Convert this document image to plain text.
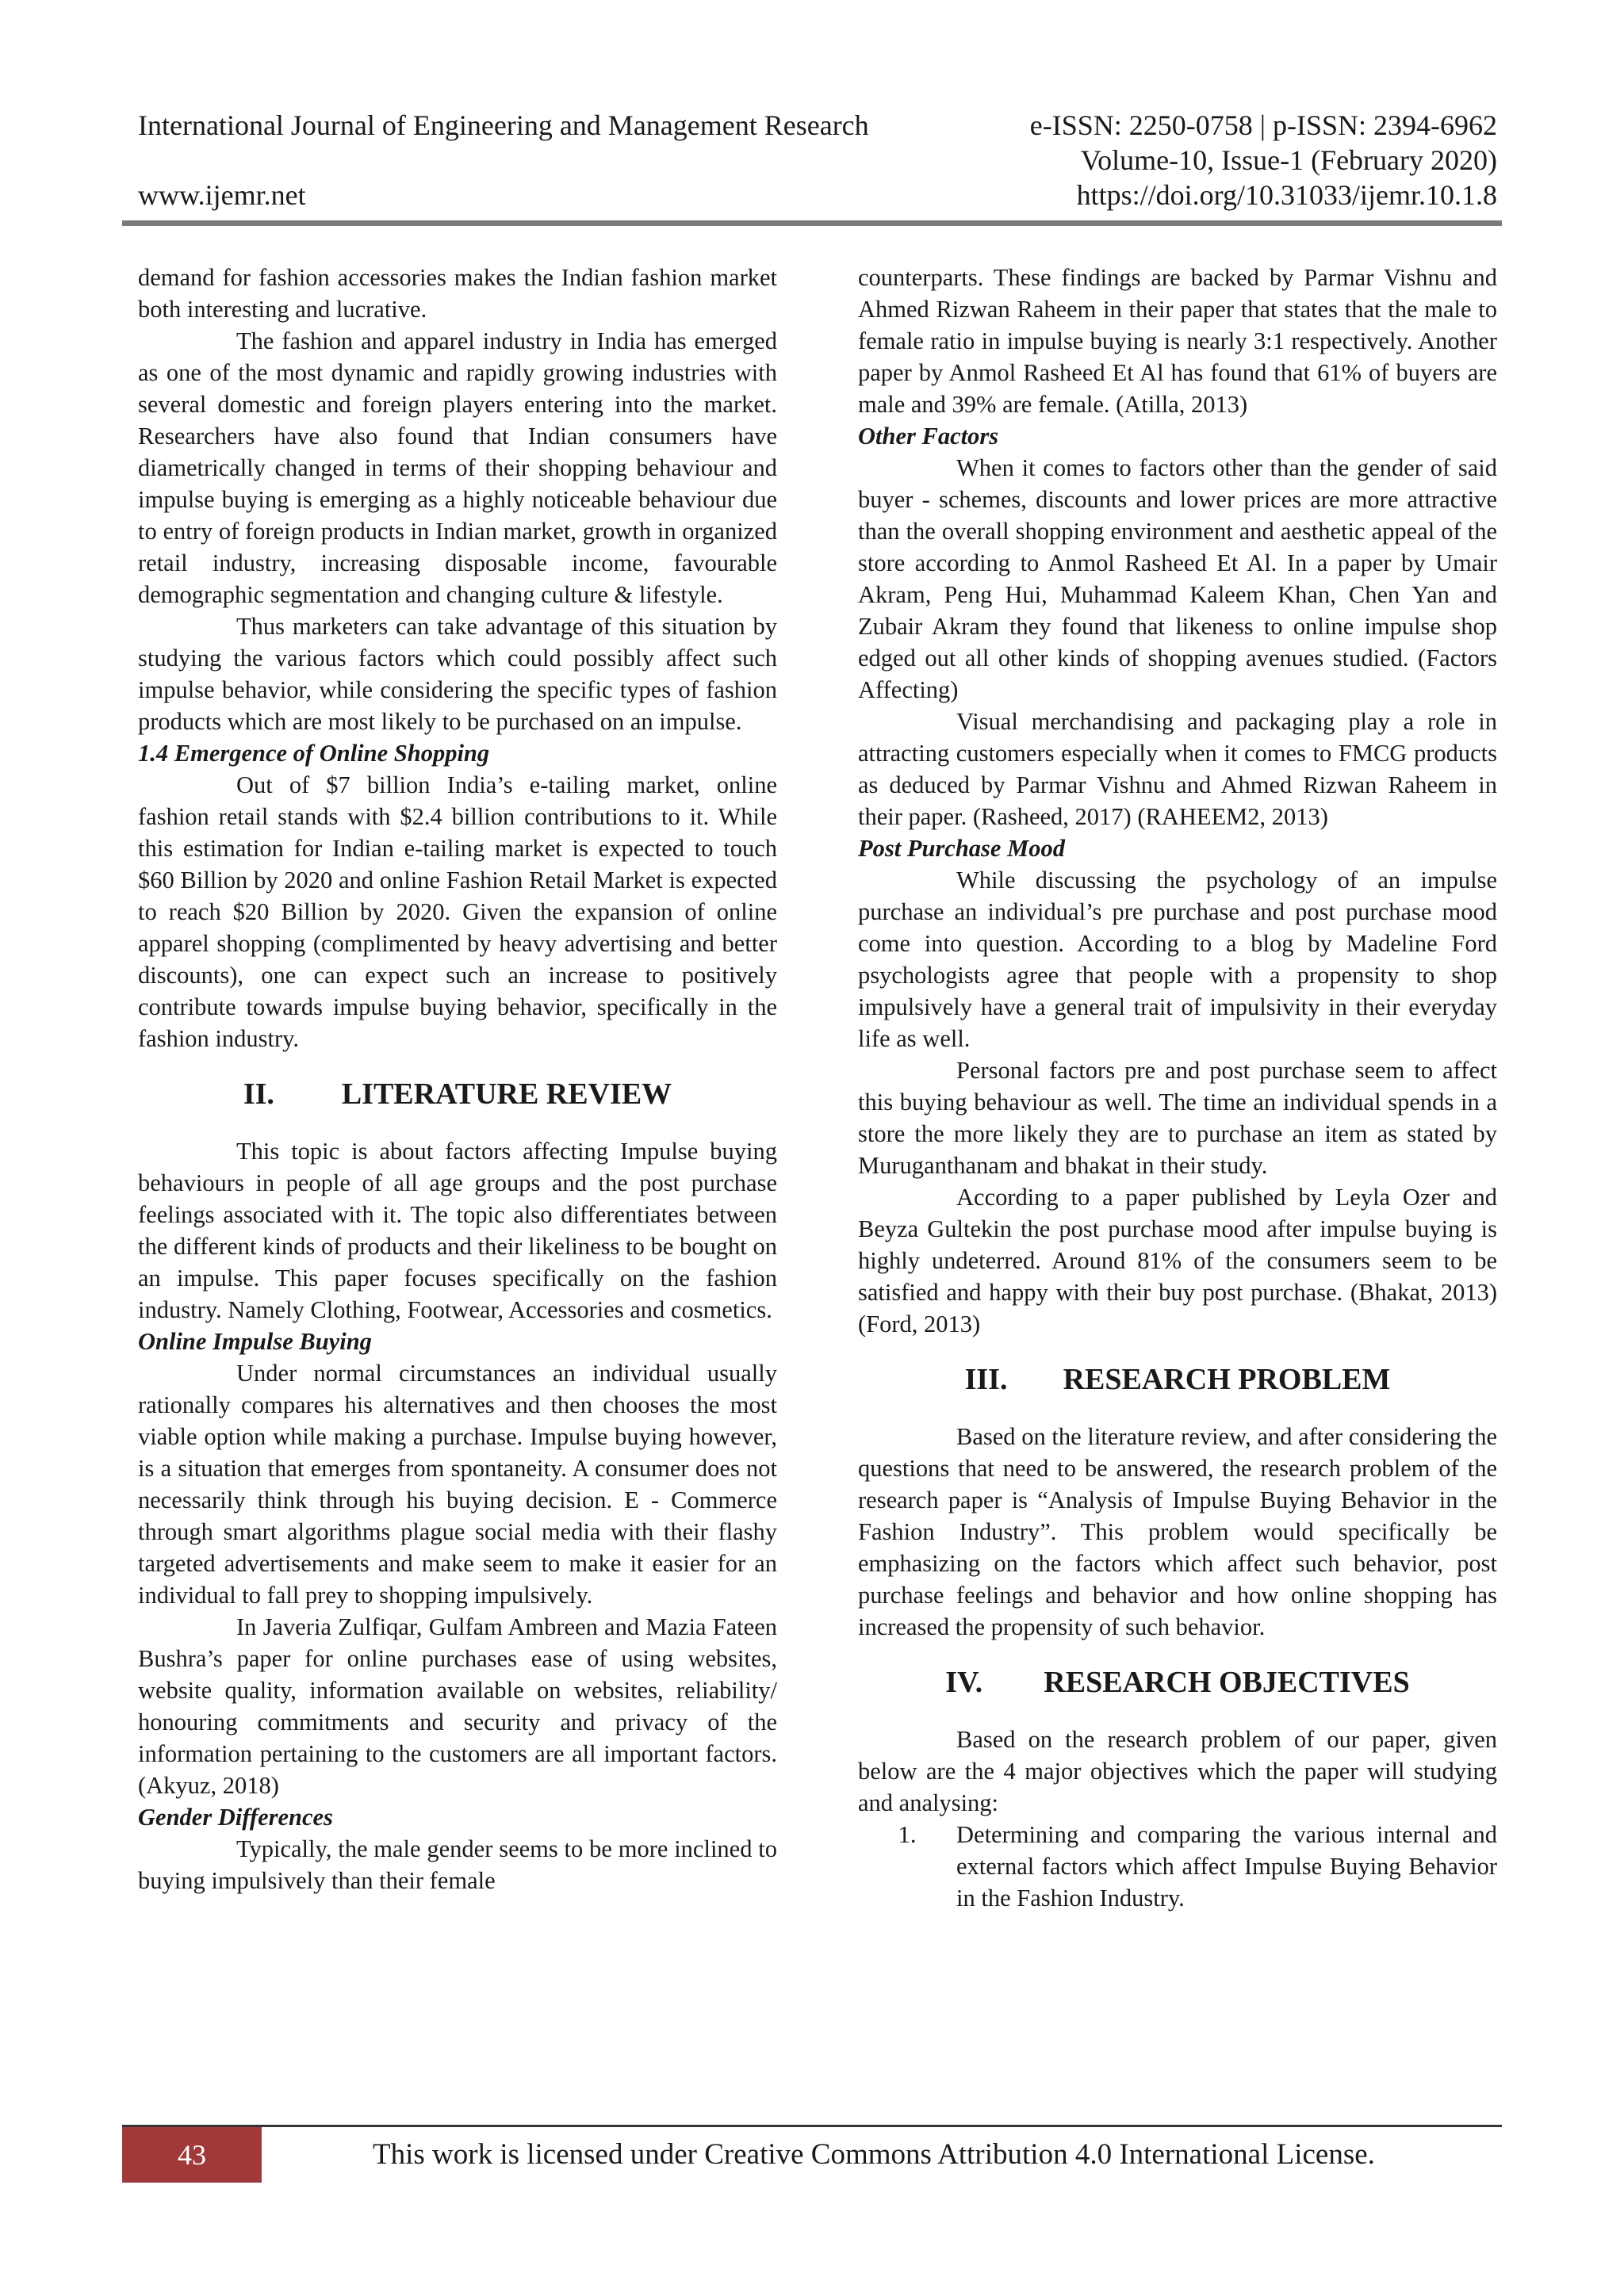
International Journal of Engineering and Management Research	e-ISSN: 2250-0758 | p-ISSN: 2394-6962
Volume-10, Issue-1 (February 2020)
www.ijemr.net	https://doi.org/10.31033/ijemr.10.1.8

demand for fashion accessories makes the Indian fashion market both interesting and lucrative.

The fashion and apparel industry in India has emerged as one of the most dynamic and rapidly growing industries with several domestic and foreign players entering into the market. Researchers have also found that Indian consumers have diametrically changed in terms of their shopping behaviour and impulse buying is emerging as a highly noticeable behaviour due to entry of foreign products in Indian market, growth in organized retail industry, increasing disposable income, favourable demographic segmentation and changing culture & lifestyle.

Thus marketers can take advantage of this situation by studying the various factors which could possibly affect such impulse behavior, while considering the specific types of fashion products which are most likely to be purchased on an impulse.

1.4 Emergence of Online Shopping

Out of $7 billion India’s e-tailing market, online fashion retail stands with $2.4 billion contributions to it. While this estimation for Indian e-tailing market is expected to touch $60 Billion by 2020 and online Fashion Retail Market is expected to reach $20 Billion by 2020. Given the expansion of online apparel shopping (complimented by heavy advertising and better discounts), one can expect such an increase to positively contribute towards impulse buying behavior, specifically in the fashion industry.

II.	LITERATURE REVIEW

This topic is about factors affecting Impulse buying behaviours in people of all age groups and the post purchase feelings associated with it. The topic also differentiates between the different kinds of products and their likeliness to be bought on an impulse. This paper focuses specifically on the fashion industry. Namely Clothing, Footwear, Accessories and cosmetics.

Online Impulse Buying

Under normal circumstances an individual usually rationally compares his alternatives and then chooses the most viable option while making a purchase. Impulse buying however, is a situation that emerges from spontaneity. A consumer does not necessarily think through his buying decision. E - Commerce through smart algorithms plague social media with their flashy targeted advertisements and make seem to make it easier for an individual to fall prey to shopping impulsively.

In Javeria Zulfiqar, Gulfam Ambreen and Mazia Fateen Bushra’s paper for online purchases ease of using websites, website quality, information available on websites, reliability/ honouring commitments and security and privacy of the information pertaining to the customers are all important factors. (Akyuz, 2018)

Gender Differences

Typically, the male gender seems to be more inclined to buying impulsively than their female

counterparts. These findings are backed by Parmar Vishnu and Ahmed Rizwan Raheem in their paper that states that the male to female ratio in impulse buying is nearly 3:1 respectively. Another paper by Anmol Rasheed Et Al has found that 61% of buyers are male and 39% are female. (Atilla, 2013)

Other Factors

When it comes to factors other than the gender of said buyer - schemes, discounts and lower prices are more attractive than the overall shopping environment and aesthetic appeal of the store according to Anmol Rasheed Et Al. In a paper by Umair Akram, Peng Hui, Muhammad Kaleem Khan, Chen Yan and Zubair Akram they found that likeness to online impulse shop edged out all other kinds of shopping avenues studied. (Factors Affecting)

Visual merchandising and packaging play a role in attracting customers especially when it comes to FMCG products as deduced by Parmar Vishnu and Ahmed Rizwan Raheem in their paper. (Rasheed, 2017) (RAHEEM2, 2013)

Post Purchase Mood

While discussing the psychology of an impulse purchase an individual’s pre purchase and post purchase mood come into question. According to a blog by Madeline Ford psychologists agree that people with a propensity to shop impulsively have a general trait of impulsivity in their everyday life as well.

Personal factors pre and post purchase seem to affect this buying behaviour as well. The time an individual spends in a store the more likely they are to purchase an item as stated by Muruganthanam and bhakat in their study.

According to a paper published by Leyla Ozer and Beyza Gultekin the post purchase mood after impulse buying is highly undeterred. Around 81% of the consumers seem to be satisfied and happy with their buy post purchase. (Bhakat, 2013) (Ford, 2013)

III.	RESEARCH PROBLEM

Based on the literature review, and after considering the questions that need to be answered, the research problem of the research paper is “Analysis of Impulse Buying Behavior in the Fashion Industry”. This problem would specifically be emphasizing on the factors which affect such behavior, post purchase feelings and behavior and how online shopping has increased the propensity of such behavior.

IV.	RESEARCH OBJECTIVES

Based on the research problem of our paper, given below are the 4 major objectives which the paper will studying and analysing:

1.	Determining and comparing the various internal and external factors which affect Impulse Buying Behavior in the Fashion Industry.
43	This work is licensed under Creative Commons Attribution 4.0 International License.
